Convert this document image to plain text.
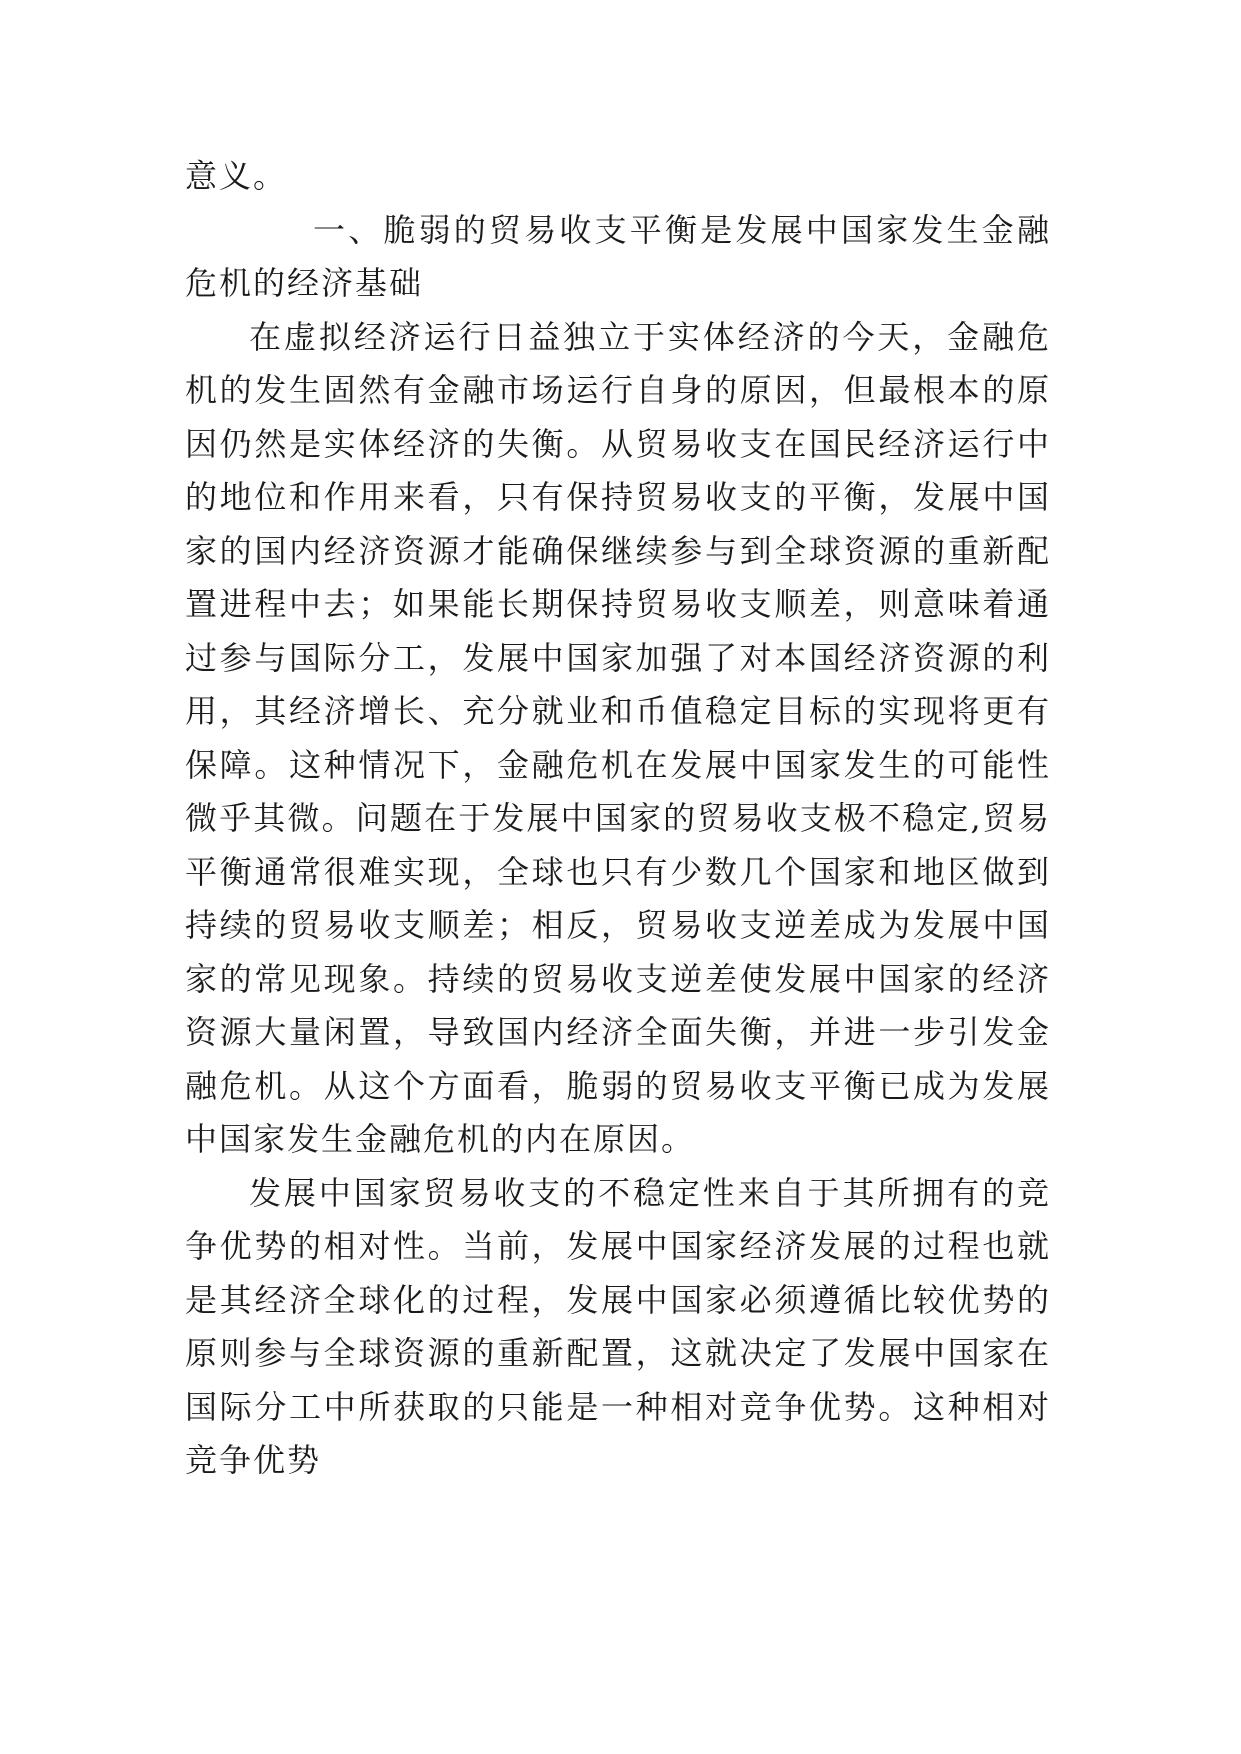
意义。

一、脆弱的贸易收支平衡是发展中国家发生金融危机的经济基础

在虚拟经济运行日益独立于实体经济的今天，金融危机的发生固然有金融市场运行自身的原因，但最根本的原因仍然是实体经济的失衡。从贸易收支在国民经济运行中的地位和作用来看，只有保持贸易收支的平衡，发展中国家的国内经济资源才能确保继续参与到全球资源的重新配置进程中去；如果能长期保持贸易收支顺差，则意味着通过参与国际分工，发展中国家加强了对本国经济资源的利用，其经济增长、充分就业和币值稳定目标的实现将更有保障。这种情况下，金融危机在发展中国家发生的可能性微乎其微。问题在于发展中国家的贸易收支极不稳定,贸易平衡通常很难实现，全球也只有少数几个国家和地区做到持续的贸易收支顺差；相反，贸易收支逆差成为发展中国家的常见现象。持续的贸易收支逆差使发展中国家的经济资源大量闲置，导致国内经济全面失衡，并进一步引发金融危机。从这个方面看，脆弱的贸易收支平衡已成为发展中国家发生金融危机的内在原因。

发展中国家贸易收支的不稳定性来自于其所拥有的竞争优势的相对性。当前，发展中国家经济发展的过程也就是其经济全球化的过程，发展中国家必须遵循比较优势的原则参与全球资源的重新配置，这就决定了发展中国家在国际分工中所获取的只能是一种相对竞争优势。这种相对竞争优势
